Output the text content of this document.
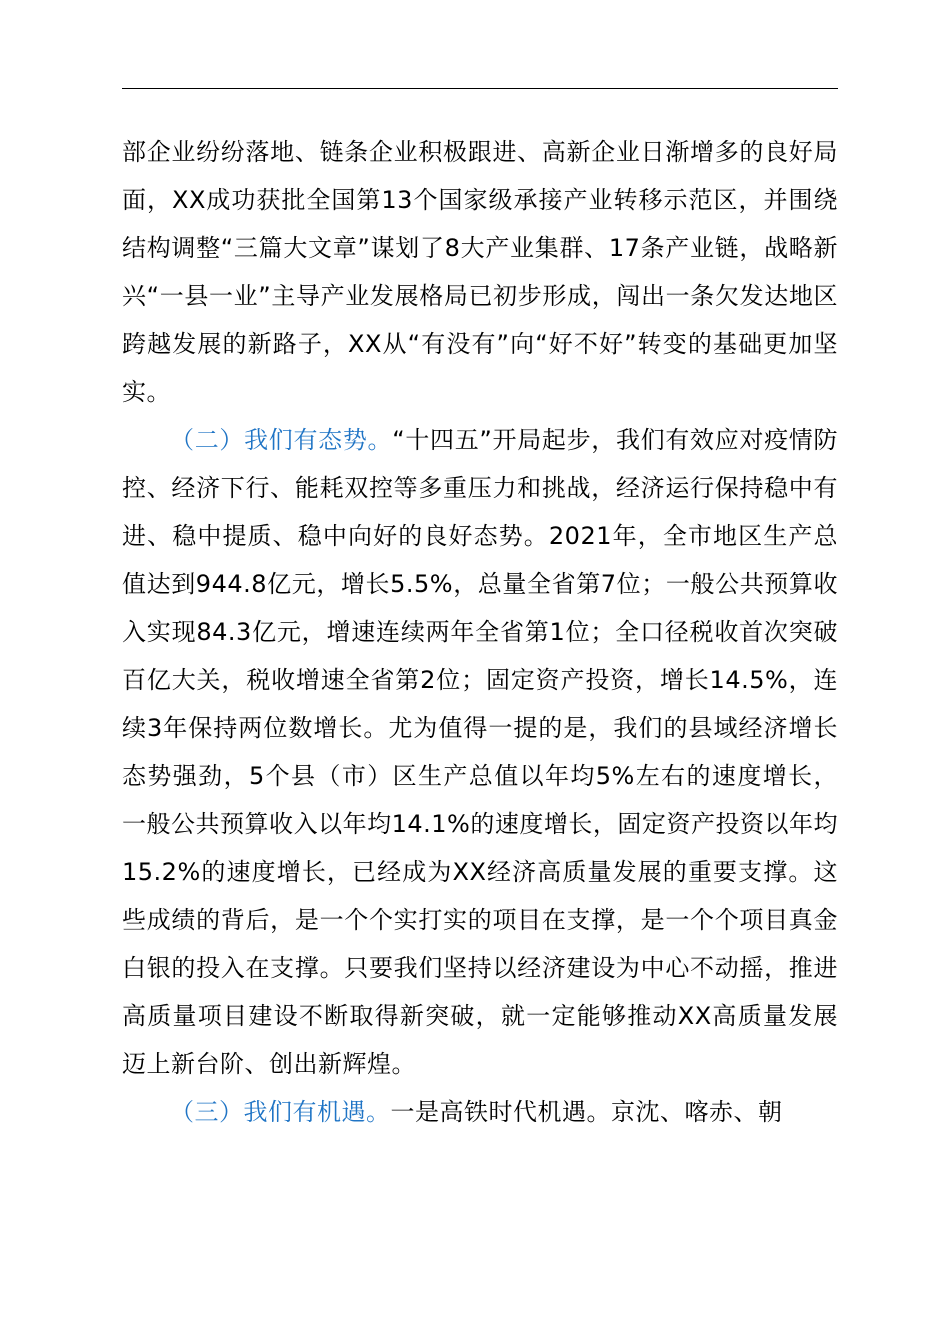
部企业纷纷落地、链条企业积极跟进、高新企业日渐增多的良好局面，XX成功获批全国第13个国家级承接产业转移示范区，并围绕结构调整“三篇大文章”谋划了8大产业集群、17条产业链，战略新兴“一县一业”主导产业发展格局已初步形成，闯出一条欠发达地区跨越发展的新路子，XX从“有没有”向“好不好”转变的基础更加坚实。

（二）我们有态势。“十四五”开局起步，我们有效应对疫情防控、经济下行、能耗双控等多重压力和挑战，经济运行保持稳中有进、稳中提质、稳中向好的良好态势。2021年，全市地区生产总值达到944.8亿元，增长5.5%，总量全省第7位；一般公共预算收入实现84.3亿元，增速连续两年全省第1位；全口径税收首次突破百亿大关，税收增速全省第2位；固定资产投资，增长14.5%，连续3年保持两位数增长。尤为值得一提的是，我们的县域经济增长态势强劲，5个县（市）区生产总值以年均5%左右的速度增长，一般公共预算收入以年均14.1%的速度增长，固定资产投资以年均15.2%的速度增长，已经成为XX经济高质量发展的重要支撑。这些成绩的背后，是一个个实打实的项目在支撑，是一个个项目真金白银的投入在支撑。只要我们坚持以经济建设为中心不动摇，推进高质量项目建设不断取得新突破，就一定能够推动XX高质量发展迈上新台阶、创出新辉煌。

（三）我们有机遇。一是高铁时代机遇。京沈、喀赤、朝
